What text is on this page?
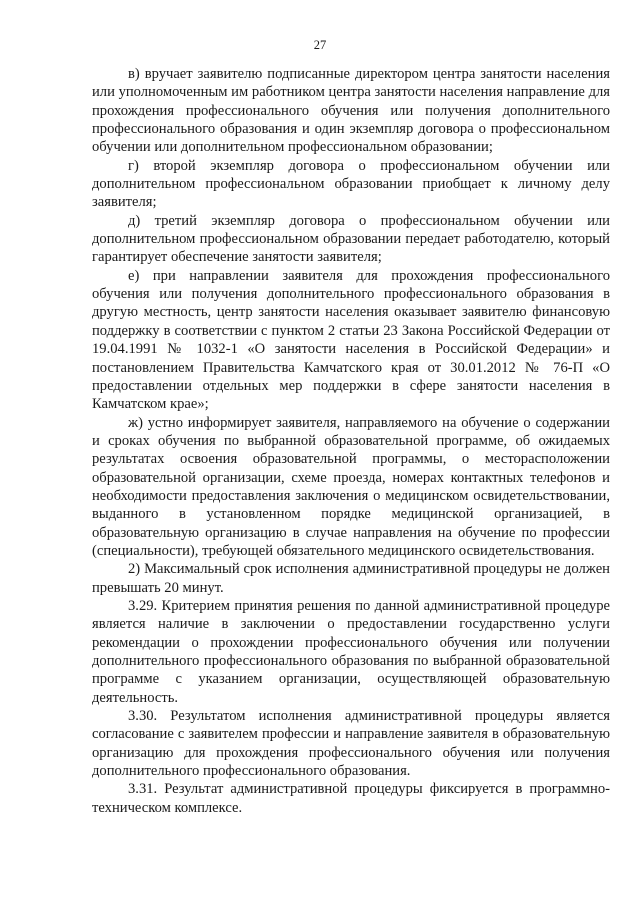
27

в) вручает заявителю подписанные директором центра занятости населения или уполномоченным им работником центра занятости населения направление для прохождения профессионального обучения или получения дополнительного профессионального образования и один экземпляр договора о профессиональном обучении или дополнительном профессиональном образовании;

г) второй экземпляр договора о профессиональном обучении или дополнительном профессиональном образовании приобщает к личному делу заявителя;

д) третий экземпляр договора о профессиональном обучении или дополнительном профессиональном образовании передает работодателю, который гарантирует обеспечение занятости заявителя;

е) при направлении заявителя для прохождения профессионального обучения или получения дополнительного профессионального образования в другую местность, центр занятости населения оказывает заявителю финансовую поддержку в соответствии с пунктом 2 статьи 23 Закона Российской Федерации от 19.04.1991 № 1032-1 «О занятости населения в Российской Федерации» и постановлением Правительства Камчатского края от 30.01.2012 № 76-П «О предоставлении отдельных мер поддержки в сфере занятости населения в Камчатском крае»;

ж) устно информирует заявителя, направляемого на обучение о содержании и сроках обучения по выбранной образовательной программе, об ожидаемых результатах освоения образовательной программы, о месторасположении образовательной организации, схеме проезда, номерах контактных телефонов и необходимости предоставления заключения о медицинском освидетельствовании, выданного в установленном порядке медицинской организацией, в образовательную организацию в случае направления на обучение по профессии (специальности), требующей обязательного медицинского освидетельствования.

2) Максимальный срок исполнения административной процедуры не должен превышать 20 минут.

3.29. Критерием принятия решения по данной административной процедуре является наличие в заключении о предоставлении государственно услуги рекомендации о прохождении профессионального обучения или получении дополнительного профессионального образования по выбранной образовательной программе с указанием организации, осуществляющей образовательную деятельность.

3.30. Результатом исполнения административной процедуры является согласование с заявителем профессии и направление заявителя в образовательную организацию для прохождения профессионального обучения или получения дополнительного профессионального образования.

3.31. Результат административной процедуры фиксируется в программно-техническом комплексе.
